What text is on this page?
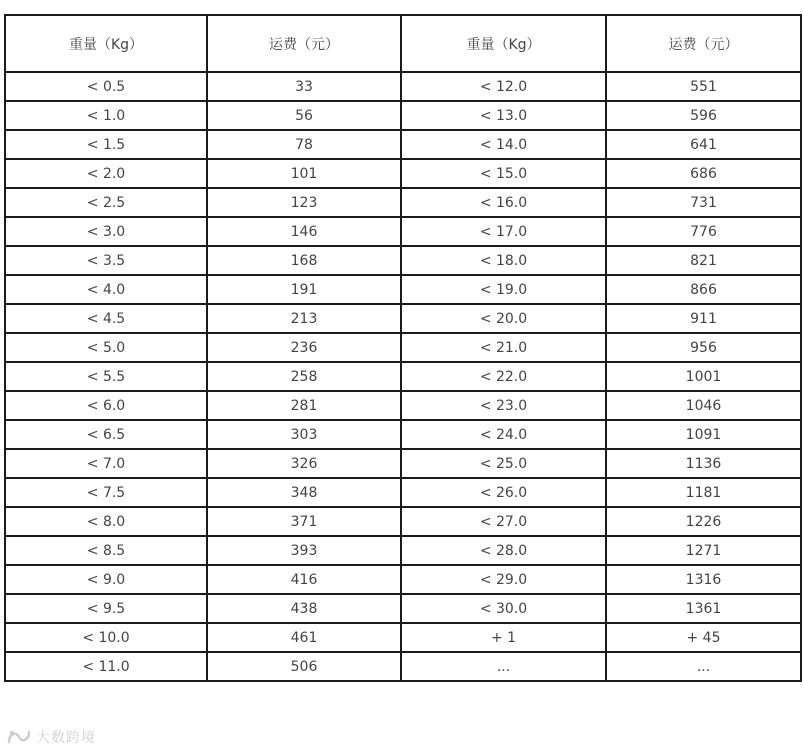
重量（Kg）	运费（元）	重量（Kg）	运费（元）
< 0.5	33	< 12.0	551
< 1.0	56	< 13.0	596
< 1.5	78	< 14.0	641
< 2.0	101	< 15.0	686
< 2.5	123	< 16.0	731
< 3.0	146	< 17.0	776
< 3.5	168	< 18.0	821
< 4.0	191	< 19.0	866
< 4.5	213	< 20.0	911
< 5.0	236	< 21.0	956
< 5.5	258	< 22.0	1001
< 6.0	281	< 23.0	1046
< 6.5	303	< 24.0	1091
< 7.0	326	< 25.0	1136
< 7.5	348	< 26.0	1181
< 8.0	371	< 27.0	1226
< 8.5	393	< 28.0	1271
< 9.0	416	< 29.0	1316
< 9.5	438	< 30.0	1361
< 10.0	461	+ 1	+ 45
< 11.0	506	...	...
大数跨境
